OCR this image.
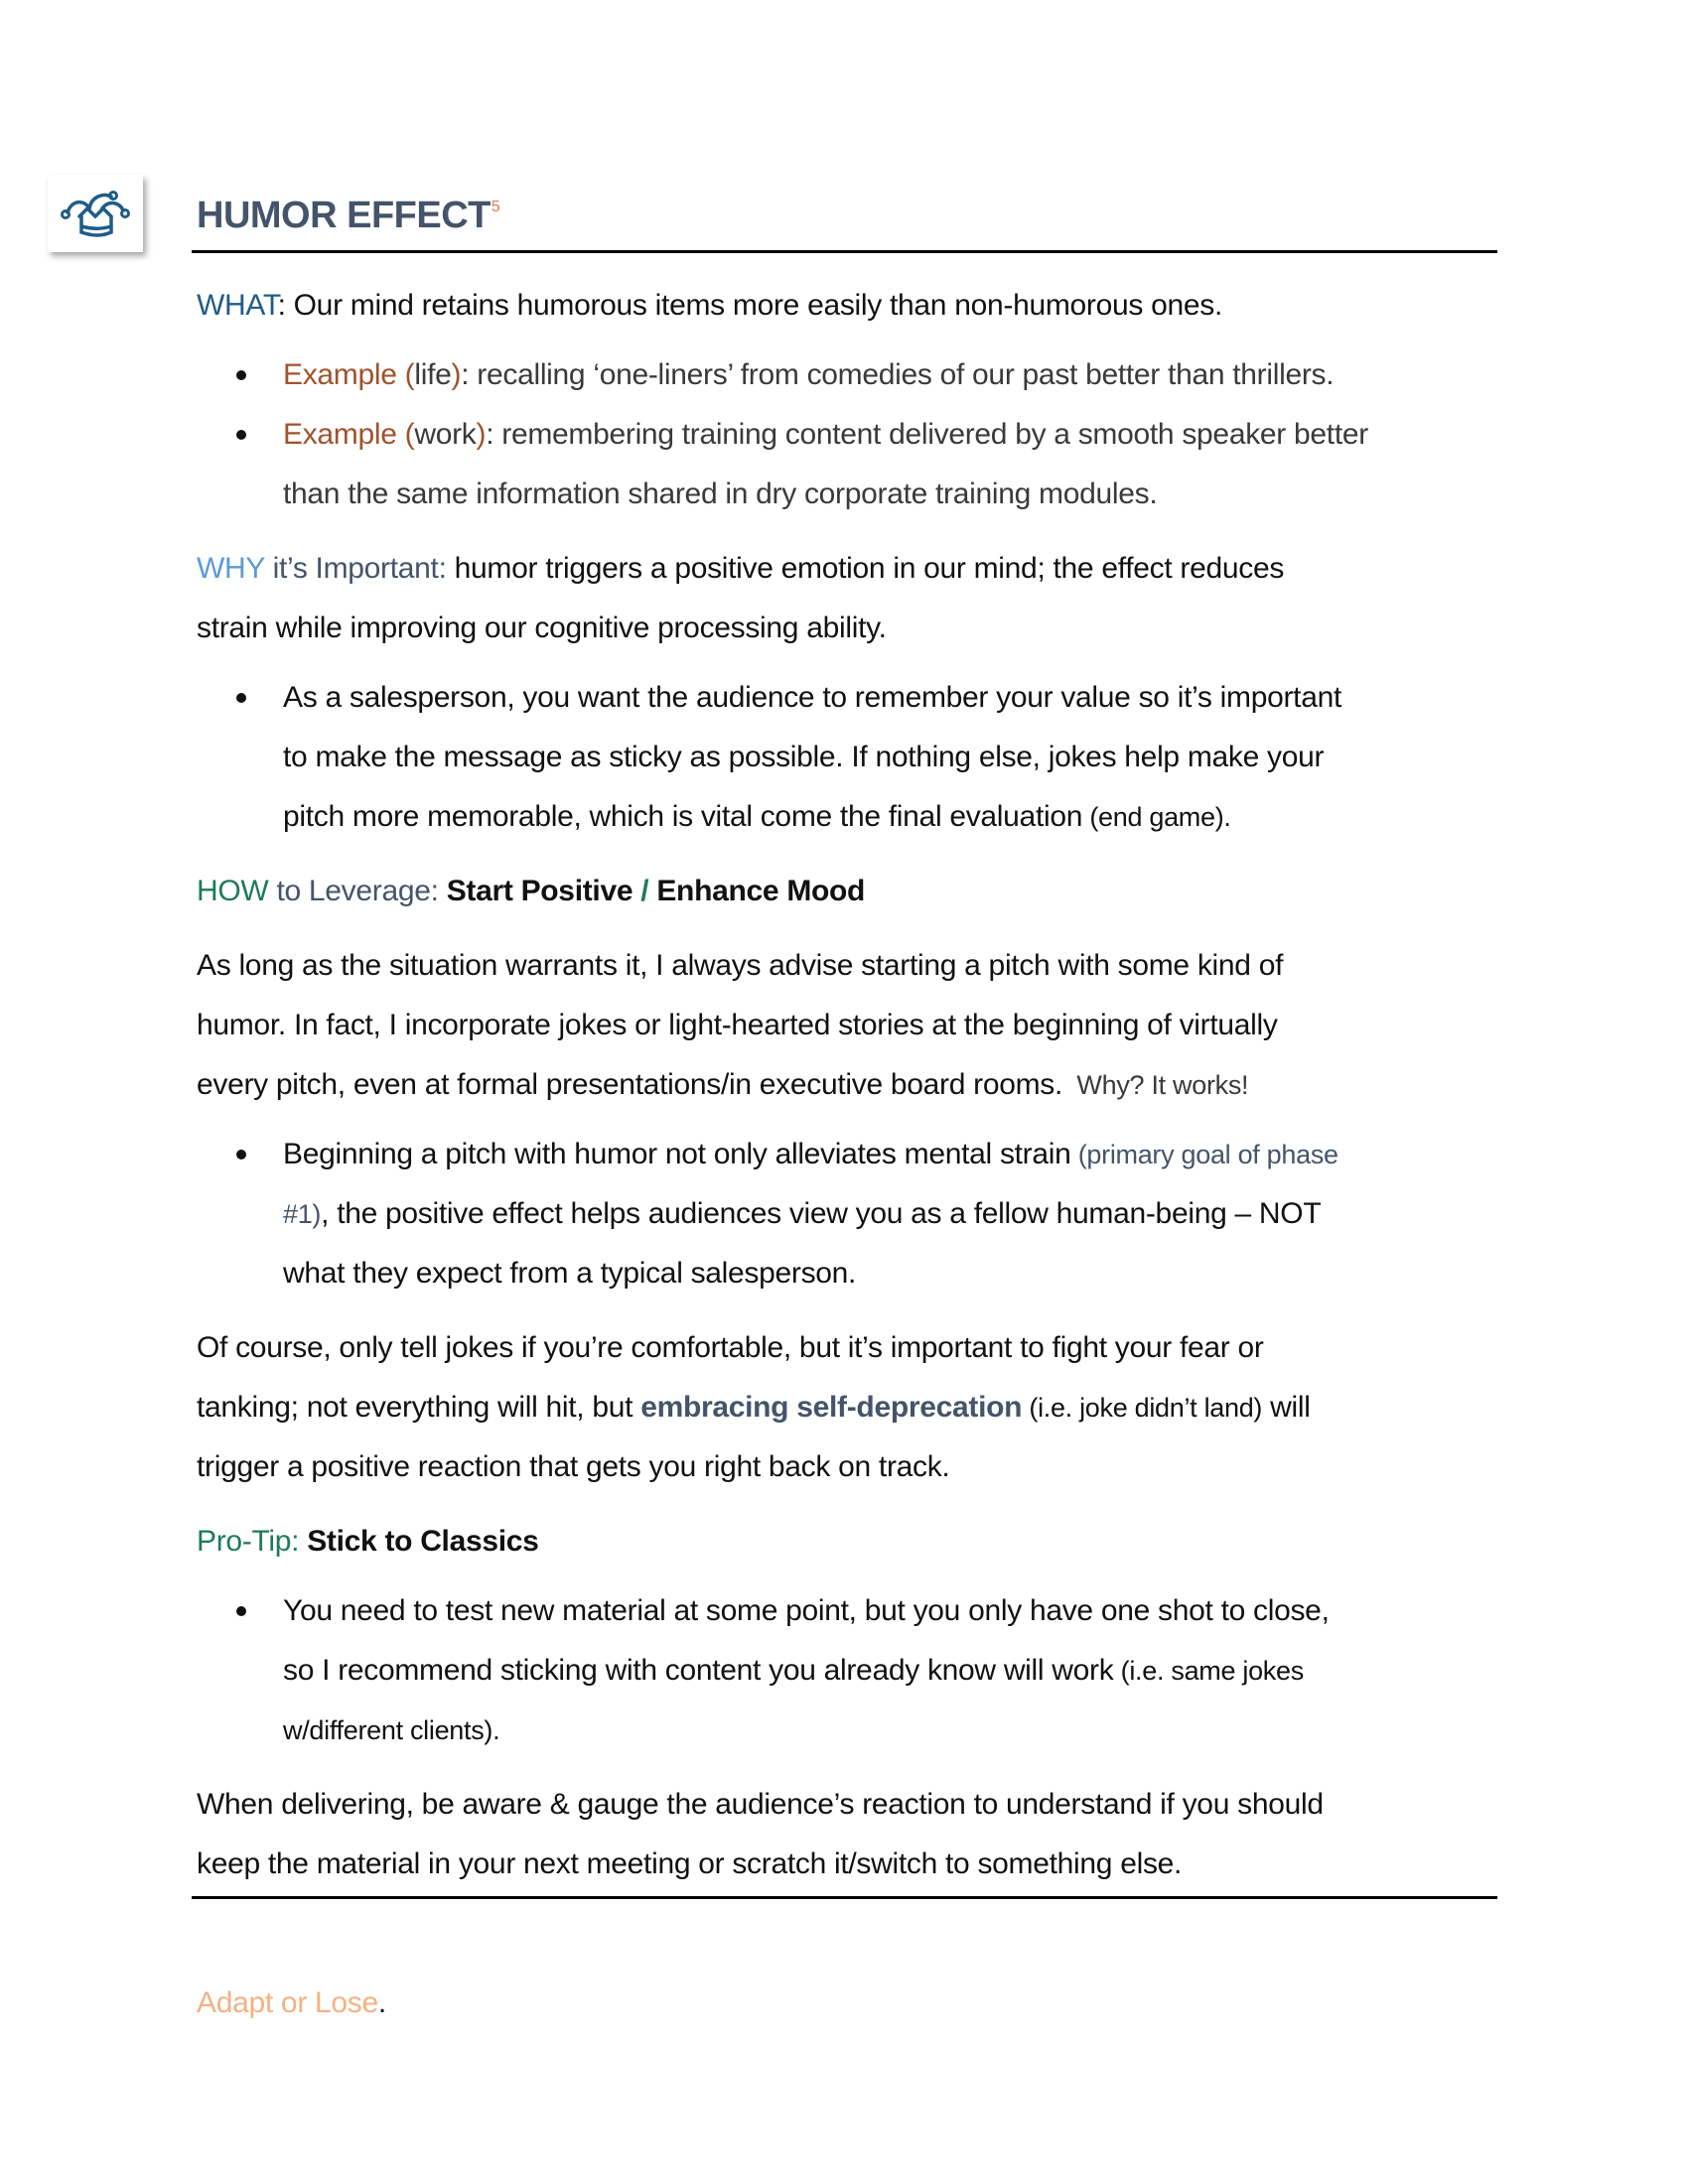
HUMOR EFFECT$^5$
WHAT: Our mind retains humorous items more easily than non-humorous ones.
Example (life): recalling ‘one-liners’ from comedies of our past better than thrillers.
Example (work): remembering training content delivered by a smooth speaker better
than the same information shared in dry corporate training modules.
WHY it’s Important: humor triggers a positive emotion in our mind; the effect reduces
strain while improving our cognitive processing ability.
As a salesperson, you want the audience to remember your value so it’s important
to make the message as sticky as possible. If nothing else, jokes help make your
pitch more memorable, which is vital come the final evaluation (end game).
HOW to Leverage: Start Positive / Enhance Mood
As long as the situation warrants it, I always advise starting a pitch with some kind of
humor. In fact, I incorporate jokes or light-hearted stories at the beginning of virtually
every pitch, even at formal presentations/in executive board rooms.  Why? It works!
Beginning a pitch with humor not only alleviates mental strain (primary goal of phase
#1), the positive effect helps audiences view you as a fellow human-being – NOT
what they expect from a typical salesperson.
Of course, only tell jokes if you’re comfortable, but it’s important to fight your fear or
tanking; not everything will hit, but embracing self-deprecation (i.e. joke didn’t land) will
trigger a positive reaction that gets you right back on track.
Pro-Tip: Stick to Classics
You need to test new material at some point, but you only have one shot to close,
so I recommend sticking with content you already know will work (i.e. same jokes
w/different clients).
When delivering, be aware & gauge the audience’s reaction to understand if you should
keep the material in your next meeting or scratch it/switch to something else.
Adapt or Lose.
